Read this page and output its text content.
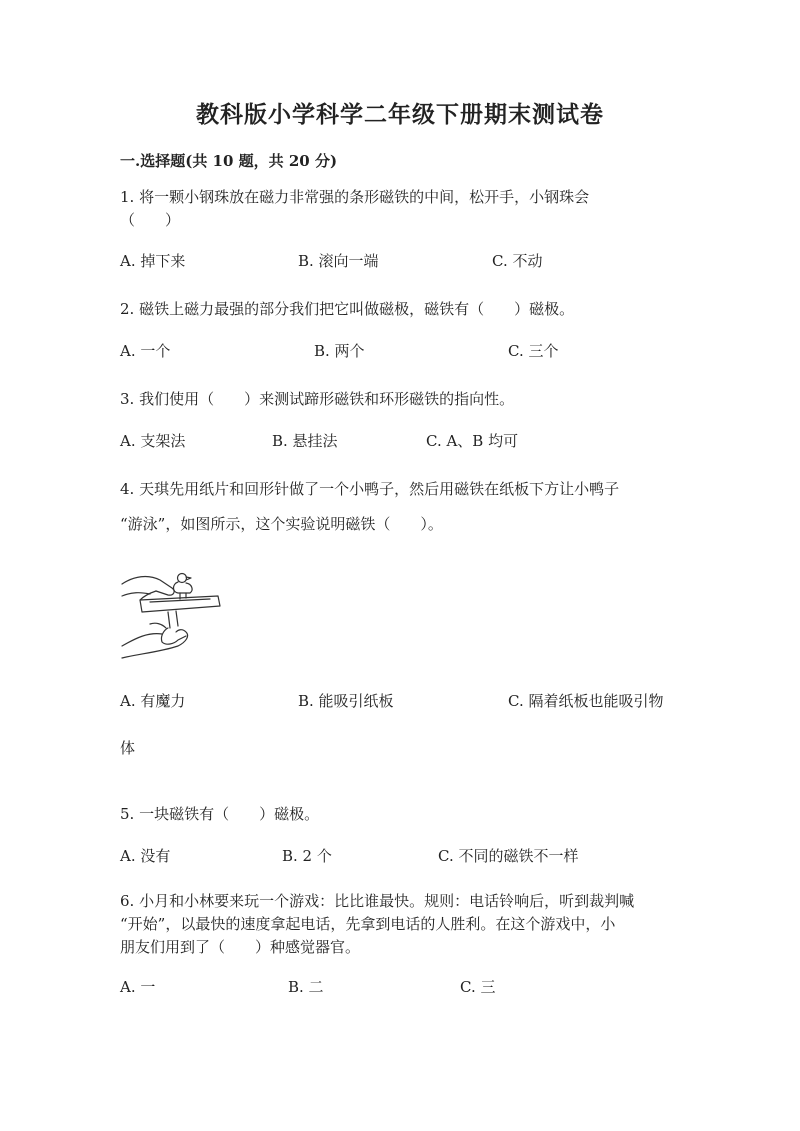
教科版小学科学二年级下册期末测试卷
一.选择题(共 10 题，共 20 分)
1. 将一颗小钢珠放在磁力非常强的条形磁铁的中间，松开手，小钢珠会
（　　）
A. 掉下来	B. 滚向一端	C. 不动
2. 磁铁上磁力最强的部分我们把它叫做磁极，磁铁有（　　）磁极。
A. 一个	B. 两个	C. 三个
3. 我们使用（　　）来测试蹄形磁铁和环形磁铁的指向性。
A. 支架法	B. 悬挂法	C. A、B 均可
4. 天琪先用纸片和回形针做了一个小鸭子，然后用磁铁在纸板下方让小鸭子
“游泳”，如图所示，这个实验说明磁铁（　　）。
A. 有魔力	B. 能吸引纸板	C. 隔着纸板也能吸引物
体
5. 一块磁铁有（　　）磁极。
A. 没有	B. 2 个	C. 不同的磁铁不一样
6. 小月和小林要来玩一个游戏：比比谁最快。规则：电话铃响后，听到裁判喊
“开始”，以最快的速度拿起电话，先拿到电话的人胜利。在这个游戏中，小
朋友们用到了（　　）种感觉器官。
A. 一	B. 二	C. 三
